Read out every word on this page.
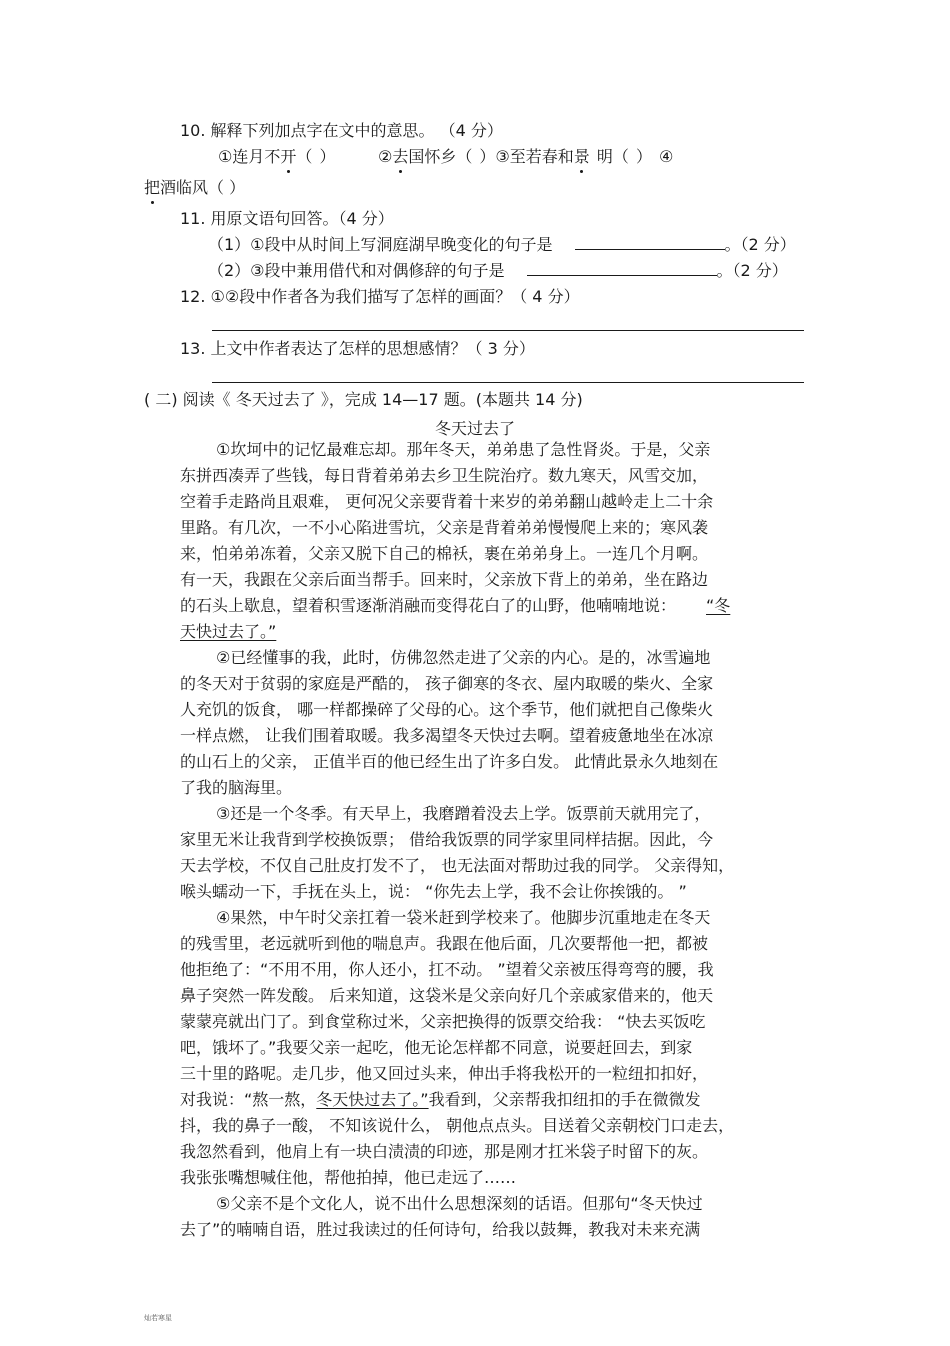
10. 解释下列加点字在文中的意思。 （4 分）
①连月不开（ ）	②去国怀乡（ ）③至若春和景 明（ ） ④
把酒临风（ ）
11. 用原文语句回答。（4 分）
（1）①段中从时间上写洞庭湖早晚变化的句子是	。（2 分）
（2）③段中兼用借代和对偶修辞的句子是	。（2 分）
12. ①②段中作者各为我们描写了怎样的画面？（ 4 分）
13. 上文中作者表达了怎样的思想感情？（ 3 分）
( 二) 阅读《 冬天过去了 》，完成 14—17 题。(本题共 14 分)
冬天过去了
①坎坷中的记忆最难忘却。那年冬天，弟弟患了急性肾炎。于是，父亲
东拼西凑弄了些钱，每日背着弟弟去乡卫生院治疗。数九寒天，风雪交加，
空着手走路尚且艰难， 更何况父亲要背着十来岁的弟弟翻山越岭走上二十余
里路。有几次，一不小心陷进雪坑，父亲是背着弟弟慢慢爬上来的；寒风袭
来，怕弟弟冻着，父亲又脱下自己的棉袄，裹在弟弟身上。一连几个月啊。
有一天，我跟在父亲后面当帮手。回来时，父亲放下背上的弟弟，坐在路边
的石头上歇息，望着积雪逐渐消融而变得花白了的山野，他喃喃地说： “冬
天快过去了。”
②已经懂事的我，此时，仿佛忽然走进了父亲的内心。是的，冰雪遍地
的冬天对于贫弱的家庭是严酷的， 孩子御寒的冬衣、屋内取暖的柴火、全家
人充饥的饭食， 哪一样都操碎了父母的心。这个季节，他们就把自己像柴火
一样点燃， 让我们围着取暖。我多渴望冬天快过去啊。望着疲惫地坐在冰凉
的山石上的父亲， 正值半百的他已经生出了许多白发。 此情此景永久地刻在
了我的脑海里。
③还是一个冬季。有天早上，我磨蹭着没去上学。饭票前天就用完了，
家里无米让我背到学校换饭票； 借给我饭票的同学家里同样拮据。因此，今
天去学校，不仅自己肚皮打发不了， 也无法面对帮助过我的同学。 父亲得知，
喉头蠕动一下，手抚在头上，说： “你先去上学，我不会让你挨饿的。 ”
④果然，中午时父亲扛着一袋米赶到学校来了。他脚步沉重地走在冬天
的残雪里，老远就听到他的喘息声。我跟在他后面，几次要帮他一把，都被
他拒绝了：“不用不用，你人还小，扛不动。 ”望着父亲被压得弯弯的腰，我
鼻子突然一阵发酸。 后来知道，这袋米是父亲向好几个亲戚家借来的，他天
蒙蒙亮就出门了。到食堂称过米，父亲把换得的饭票交给我： “快去买饭吃
吧，饿坏了。”我要父亲一起吃，他无论怎样都不同意，说要赶回去，到家
三十里的路呢。走几步，他又回过头来，伸出手将我松开的一粒纽扣扣好，
对我说：“熬一熬，冬天快过去了。”我看到，父亲帮我扣纽扣的手在微微发
抖，我的鼻子一酸， 不知该说什么， 朝他点点头。目送着父亲朝校门口走去，
我忽然看到，他肩上有一块白渍渍的印迹，那是刚才扛米袋子时留下的灰。
我张张嘴想喊住他，帮他拍掉，他已走远了……
⑤父亲不是个文化人，说不出什么思想深刻的话语。但那句“冬天快过
去了”的喃喃自语，胜过我读过的任何诗句，给我以鼓舞，教我对未来充满
灿若寒星
